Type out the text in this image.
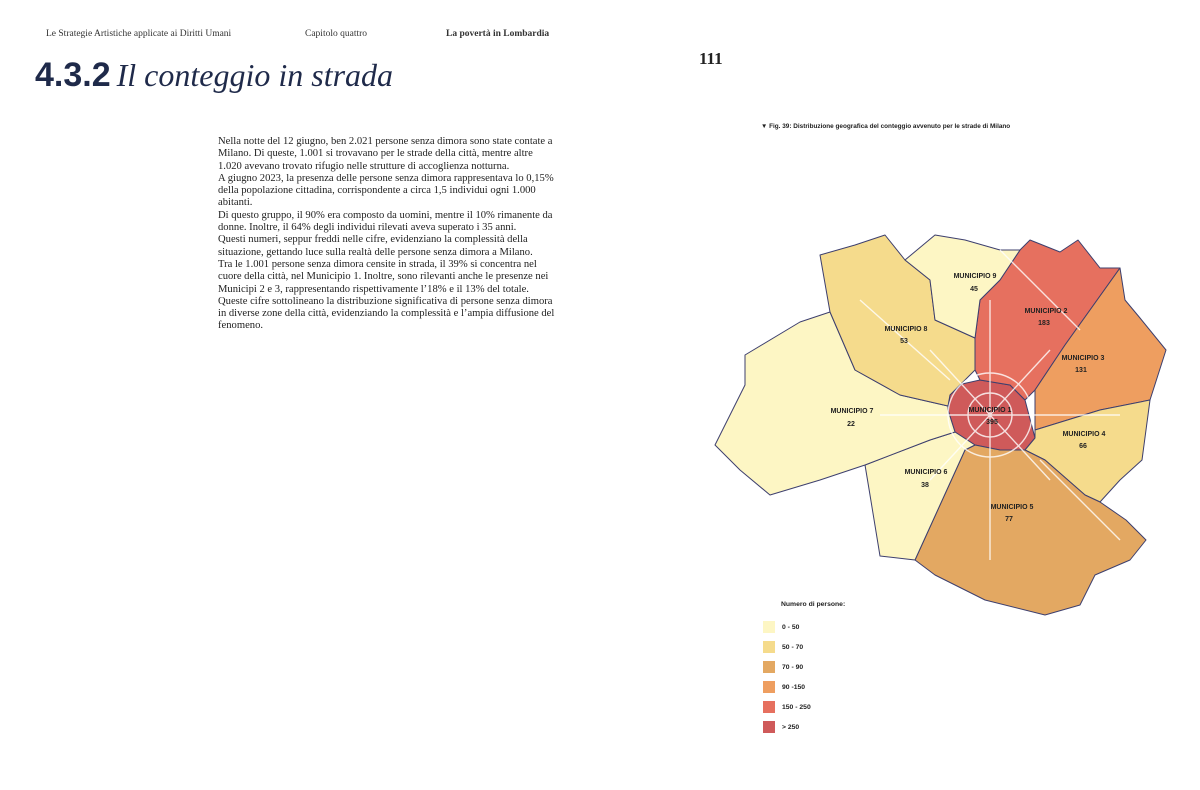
Le Strategie Artistiche applicate ai Diritti Umani	Capitolo quattro	La povertà in Lombardia
111
4.3.2 Il conteggio in strada

Nella notte del 12 giugno, ben 2.021 persone senza dimora sono state contate a Milano. Di queste, 1.001 si trovavano per le strade della città, mentre altre 1.020 avevano trovato rifugio nelle strutture di accoglienza notturna.

A giugno 2023, la presenza delle persone senza dimora rappresentava lo 0,15% della popolazione cittadina, corrispondente a circa 1,5 individui ogni 1.000 abitanti.

Di questo gruppo, il 90% era composto da uomini, mentre il 10% rimanente da donne. Inoltre, il 64% degli individui rilevati aveva superato i 35 anni.

Questi numeri, seppur freddi nelle cifre, evidenziano la complessità della situazione, gettando luce sulla realtà delle persone senza dimora a Milano.

Tra le 1.001 persone senza dimora censite in strada, il 39% si concentra nel cuore della città, nel Municipio 1. Inoltre, sono rilevanti anche le presenze nei Municipi 2 e 3, rappresentando rispettivamente l’18% e il 13% del totale. Queste cifre sottolineano la distribuzione significativa di persone senza dimora in diverse zone della città, evidenziando la complessità e l’ampia diffusione del fenomeno.

▼ Fig. 39: Distribuzione geografica del conteggio avvenuto per le strade di Milano
MUNICIPIO 1
395
MUNICIPIO 2
183
MUNICIPIO 3
131
MUNICIPIO 4
66
MUNICIPIO 5
77
MUNICIPIO 6
38
MUNICIPIO 7
22
MUNICIPIO 8
53
MUNICIPIO 9
45
Numero di persone:
0 - 50
50 - 70
70 - 90
90 -150
150 - 250
> 250
